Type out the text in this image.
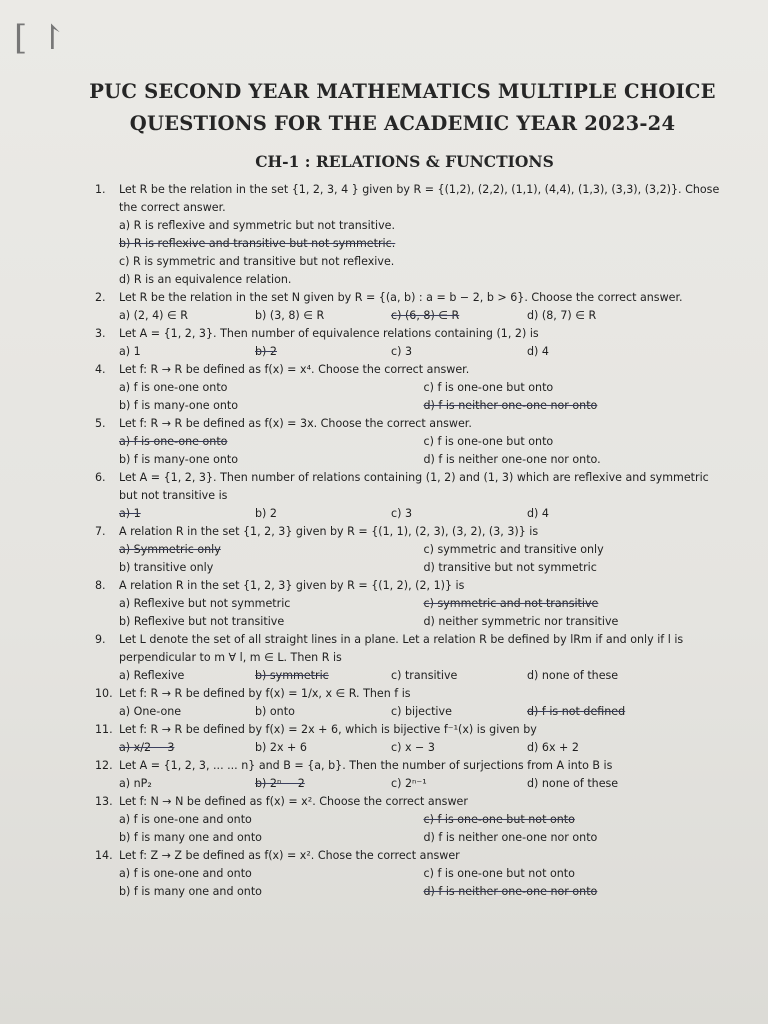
[ ↾
PUC SECOND YEAR MATHEMATICS MULTIPLE CHOICE
QUESTIONS FOR THE ACADEMIC YEAR 2023-24
CH-1 : RELATIONS & FUNCTIONS
1.	Let R be the relation in the set {1, 2, 3, 4 } given by R = {(1,2), (2,2), (1,1), (4,4), (1,3), (3,3), (3,2)}. Chose the correct answer.
a) R is reflexive and symmetric but not transitive.
b) R is reflexive and transitive but not symmetric.
c) R is symmetric and transitive but not reflexive.
d) R is an equivalence relation.
2.	Let R be the relation in the set N given by R = {(a, b) : a = b − 2, b > 6}. Choose the correct answer.
a) (2, 4) ∈ R	b) (3, 8) ∈ R	c) (6, 8) ∈ R	d) (8, 7) ∈ R
3.	Let A = {1, 2, 3}. Then number of equivalence relations containing (1, 2) is
a) 1	b) 2	c) 3	d) 4
4.	Let f: R → R be defined as f(x) = x⁴. Choose the correct answer.
a) f is one-one onto	c) f is one-one but onto
b) f is many-one onto	d) f is neither one-one nor onto
5.	Let f: R → R be defined as f(x) = 3x. Choose the correct answer.
a) f is one-one onto	c) f is one-one but onto
b) f is many-one onto	d) f is neither one-one nor onto.
6.	Let A = {1, 2, 3}. Then number of relations containing (1, 2) and (1, 3) which are reflexive and symmetric but not transitive is
a) 1	b) 2	c) 3	d) 4
7.	A relation R in the set {1, 2, 3} given by R = {(1, 1), (2, 3), (3, 2), (3, 3)} is
a) Symmetric only	c) symmetric and transitive only
b) transitive only	d) transitive but not symmetric
8.	A relation R in the set {1, 2, 3} given by R = {(1, 2), (2, 1)} is
a) Reflexive but not symmetric	c) symmetric and not transitive
b) Reflexive but not transitive	d) neither symmetric nor transitive
9.	Let L denote the set of all straight lines in a plane. Let a relation R be defined by lRm if and only if l is perpendicular to m ∀ l, m ∈ L. Then R is
a) Reflexive	b) symmetric	c) transitive	d) none of these
10. Let f: R → R be defined by f(x) = 1/x, x ∈ R. Then f is
a) One-one	b) onto	c) bijective	d) f is not defined
11. Let f: R → R be defined by f(x) = 2x + 6, which is bijective f⁻¹(x) is given by
a) x/2 − 3	b) 2x + 6	c) x − 3	d) 6x + 2
12. Let A = {1, 2, 3, ... ... n} and B = {a, b}. Then the number of surjections from A into B is
a) nP₂	b) 2ⁿ − 2	c) 2ⁿ⁻¹	d) none of these
13. Let f: N → N be defined as f(x) = x². Choose the correct answer
a) f is one-one and onto	c) f is one-one but not onto
b) f is many one and onto	d) f is neither one-one nor onto
14. Let f: Z → Z be defined as f(x) = x². Chose the correct answer
a) f is one-one and onto	c) f is one-one but not onto
b) f is many one and onto	d) f is neither one-one nor onto
